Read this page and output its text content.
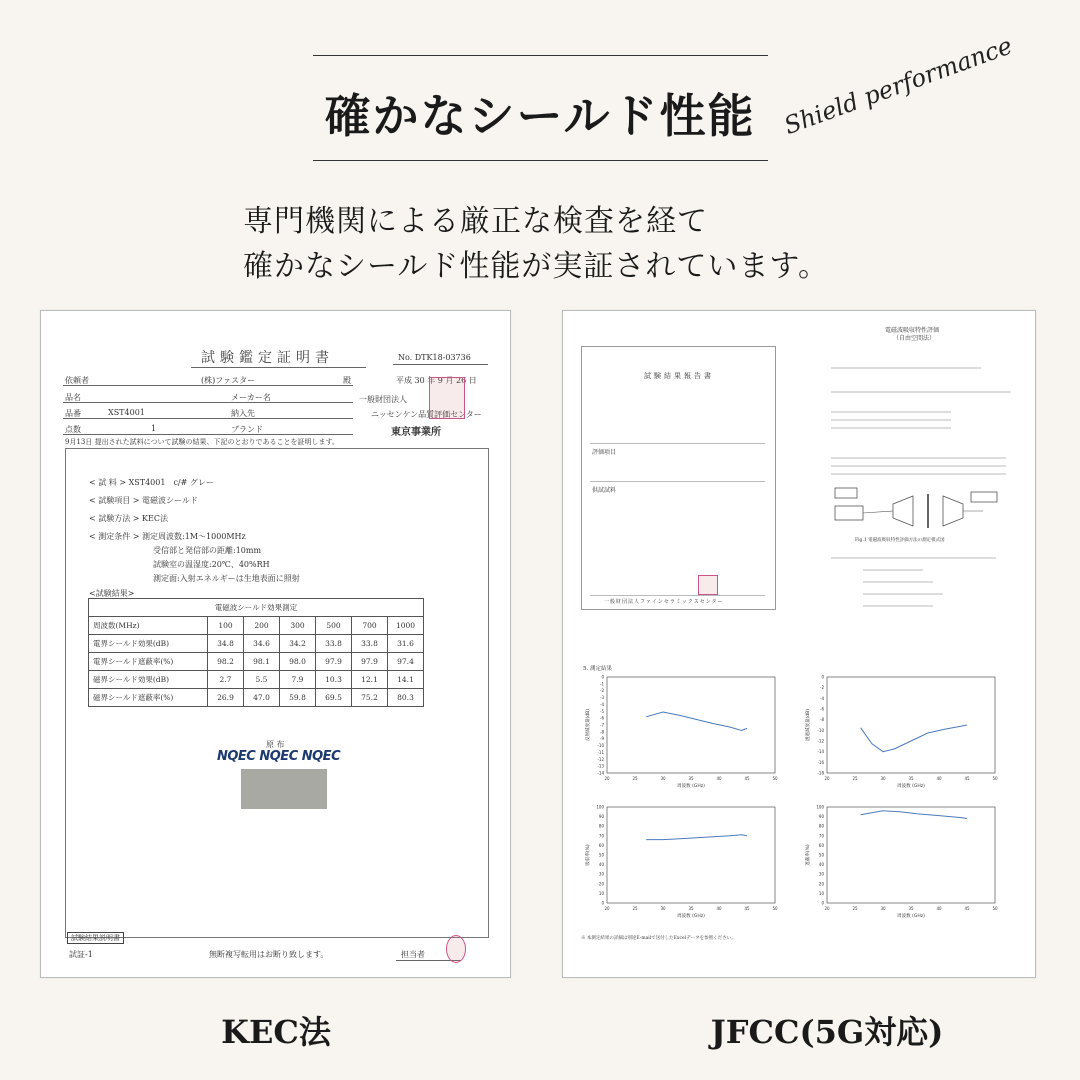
確かなシールド性能	Shield performance
専門機関による厳正な検査を経て
確かなシールド性能が実証されています。
試験鑑定証明書	No. DTK18-03736
依頼者	(株)ファスター	殿	平成 30 年 9 月 26 日
品名	メーカー名
品番	XST4001	納入先
点数	1	ブランド
一般財団法人
ニッセンケン品質評価センター
東京事業所
9月13日 提出された試料について試験の結果、下記のとおりであることを証明します。
< 試 料 > XST4001　c/# グレー
< 試験項目 > 電磁波シールド
< 試験方法 > KEC法
< 測定条件 > 測定周波数:1M〜1000MHz
受信部と発信部の距離:10mm
試験室の温湿度:20℃、40%RH
測定面:入射エネルギーは生地表面に照射
<試験結果>
電磁波シールド効果測定						
周波数(MHz)	100	200	300	500	700	1000
電界シールド効果(dB)	34.8	34.6	34.2	33.8	33.8	31.6
電界シールド遮蔽率(%)	98.2	98.1	98.0	97.9	97.9	97.4
磁界シールド効果(dB)	2.7	5.5	7.9	10.3	12.1	14.1
磁界シールド遮蔽率(%)	26.9	47.0	59.8	69.5	75.2	80.3
原 布
NQEC NQEC NQEC
試験結果説明書
試証-1	無断複写転用はお断り致します。	担当者
試験結果報告書
評価項目
供試試料
一般財団法人ファインセラミックスセンター
電磁波吸収特性評価
（自由空間法）
Fig.1 電磁波吸収特性評価方法の測定模式図
5. 測定結果
※ 本測定結果の詳細は別途E-mailで送付したExcelデータを参照ください。
0
-1
-2
-3
-4
-5
-6
-7
-8
-9
-10
-11
-12
-13
-14
20	25	30	35	40	45	50
周波数 (GHz)
反射減衰量(dB)
0
-2
-4
-6
-8
-10
-12
-14
-16
-18
20	25	30	35	40	45	50
周波数 (GHz)
透過減衰量(dB)
100
90
80
70
60
50
40
30
20
10
0
20	25	30	35	40	45	50
周波数 (GHz)
吸収率(%)
100
90
80
70
60
50
40
30
20
10
0
20	25	30	35	40	45	50
周波数 (GHz)
遮蔽率(%)
KEC法	JFCC(5G対応)
